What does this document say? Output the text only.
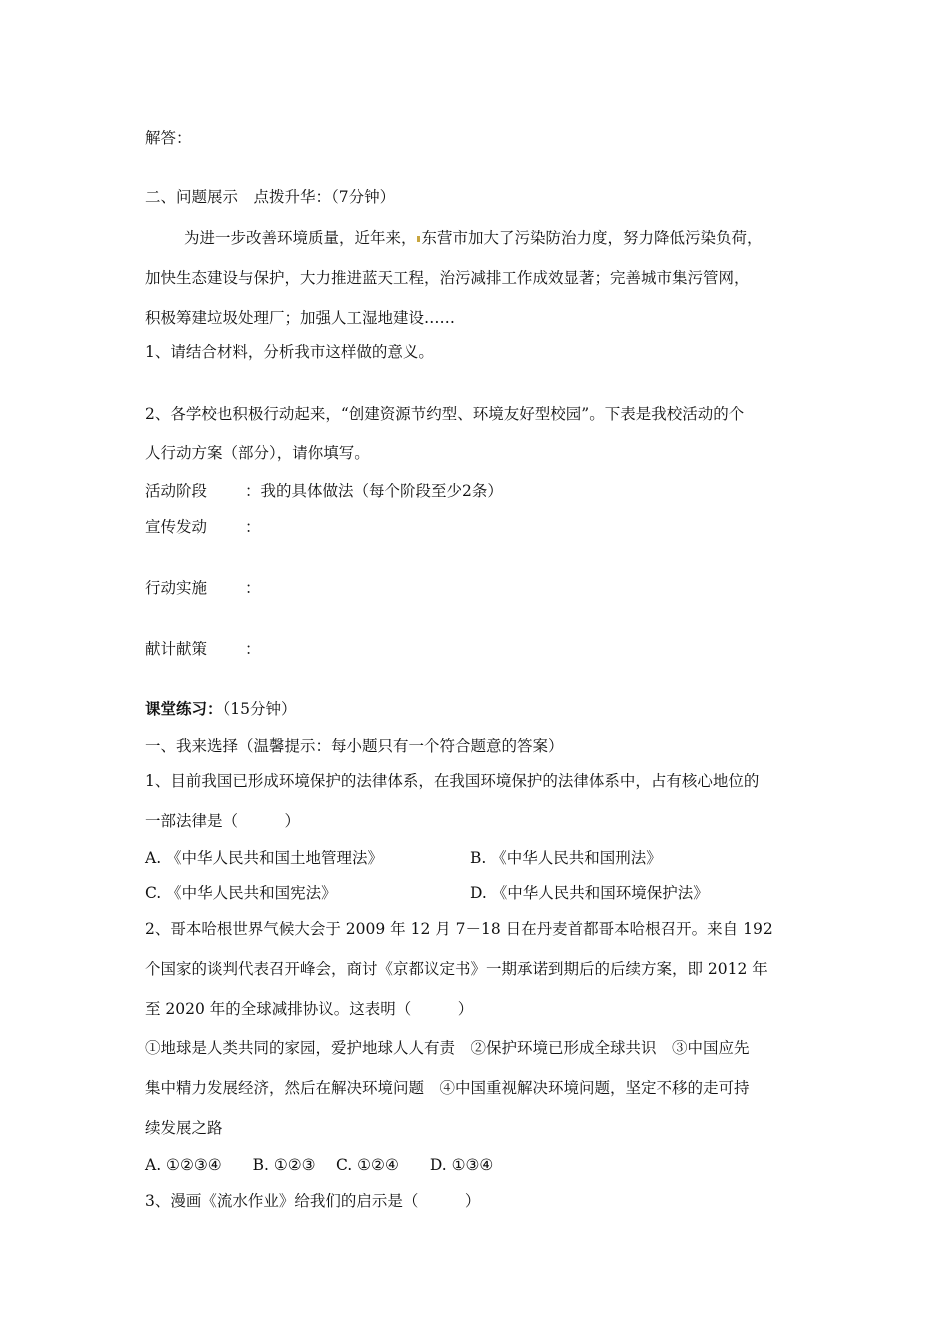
解答：
二、问题展示　点拨升华：（7分钟）
为进一步改善环境质量，近年来， 东营市加大了污染防治力度，努力降低污染负荷，
加快生态建设与保护，大力推进蓝天工程，治污减排工作成效显著；完善城市集污管网，
积极筹建垃圾处理厂；加强人工湿地建设……
1、请结合材料，分析我市这样做的意义。
2、各学校也积极行动起来，“创建资源节约型、环境友好型校园”。下表是我校活动的个
人行动方案（部分），请你填写。
活动阶段 ：我的具体做法（每个阶段至少2条）
宣传发动 ：
行动实施 ：
献计献策 ：
课堂练习：（15分钟）
一、我来选择（温馨提示：每小题只有一个符合题意的答案）
1、目前我国已形成环境保护的法律体系，在我国环境保护的法律体系中，占有核心地位的
一部法律是（　　　）
A. 《中华人民共和国土地管理法》	B. 《中华人民共和国刑法》
C. 《中华人民共和国宪法》	D. 《中华人民共和国环境保护法》
2、哥本哈根世界气候大会于 2009 年 12 月 7－18 日在丹麦首都哥本哈根召开。来自 192
个国家的谈判代表召开峰会，商讨《京都议定书》一期承诺到期后的后续方案，即 2012 年
至 2020 年的全球减排协议。这表明（　　　）
①地球是人类共同的家园，爱护地球人人有责　②保护环境已形成全球共识　③中国应先
集中精力发展经济，然后在解决环境问题　④中国重视解决环境问题，坚定不移的走可持
续发展之路
A. ①②③④　　B. ①②③　 C. ①②④　　D. ①③④
3、漫画《流水作业》给我们的启示是（　　　）
